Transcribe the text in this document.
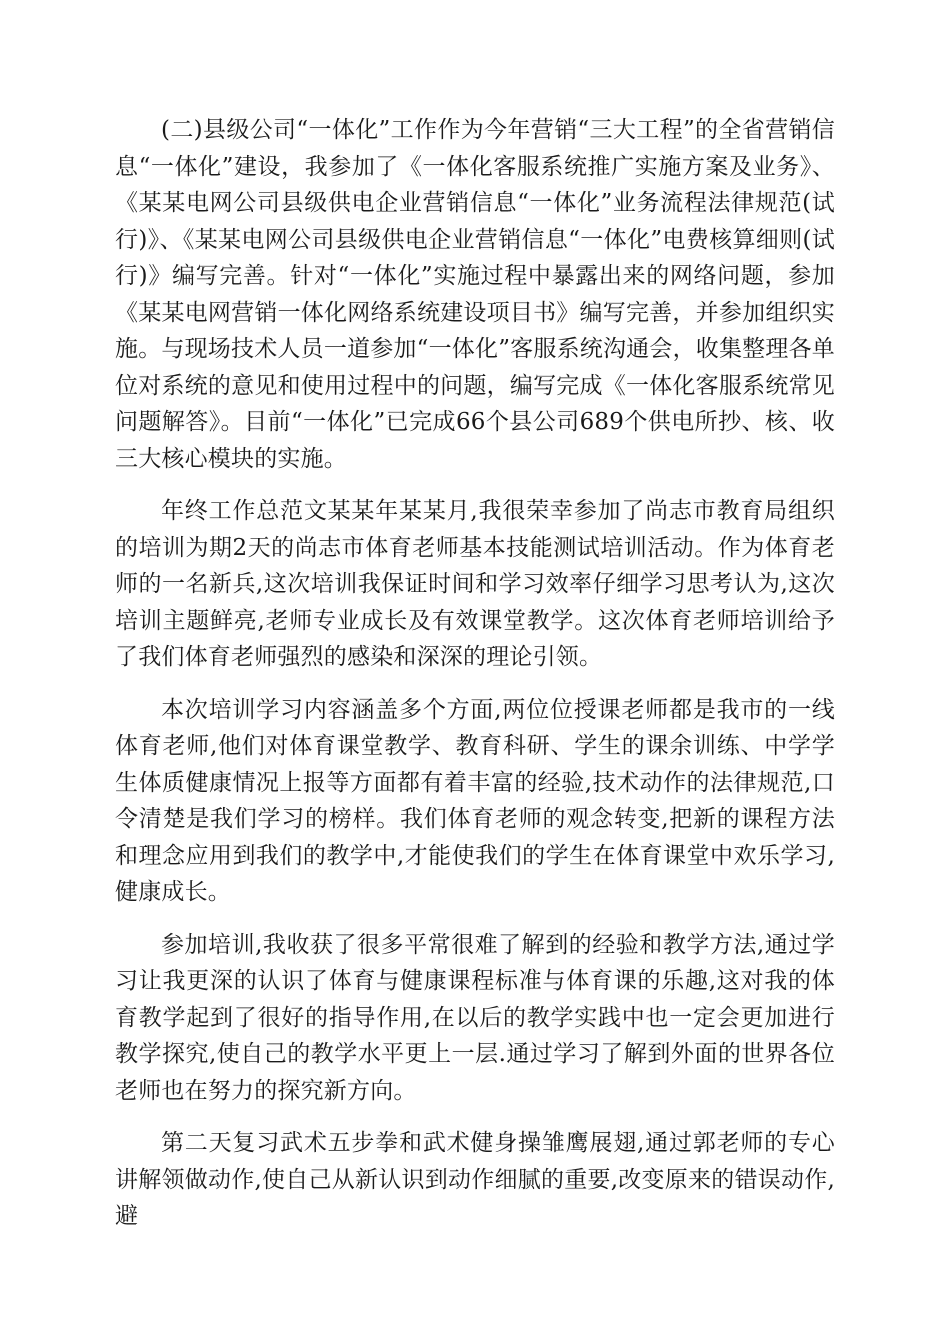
(二)县级公司“一体化”工作作为今年营销“三大工程”的全省营销信息“一体化”建设，我参加了《一体化客服系统推广实施方案及业务》、《某某电网公司县级供电企业营销信息“一体化”业务流程法律规范(试行)》、《某某电网公司县级供电企业营销信息“一体化”电费核算细则(试行)》编写完善。针对“一体化”实施过程中暴露出来的网络问题，参加《某某电网营销一体化网络系统建设项目书》编写完善，并参加组织实施。与现场技术人员一道参加“一体化”客服系统沟通会，收集整理各单位对系统的意见和使用过程中的问题，编写完成《一体化客服系统常见问题解答》。目前“一体化”已完成66个县公司689个供电所抄、核、收三大核心模块的实施。

年终工作总范文某某年某某月,我很荣幸参加了尚志市教育局组织的培训为期2天的尚志市体育老师基本技能测试培训活动。作为体育老师的一名新兵,这次培训我保证时间和学习效率仔细学习思考认为,这次培训主题鲜亮,老师专业成长及有效课堂教学。这次体育老师培训给予了我们体育老师强烈的感染和深深的理论引领。

本次培训学习内容涵盖多个方面,两位位授课老师都是我市的一线体育老师,他们对体育课堂教学、教育科研、学生的课余训练、中学学生体质健康情况上报等方面都有着丰富的经验,技术动作的法律规范,口令清楚是我们学习的榜样。我们体育老师的观念转变,把新的课程方法和理念应用到我们的教学中,才能使我们的学生在体育课堂中欢乐学习,健康成长。

参加培训,我收获了很多平常很难了解到的经验和教学方法,通过学习让我更深的认识了体育与健康课程标准与体育课的乐趣,这对我的体育教学起到了很好的指导作用,在以后的教学实践中也一定会更加进行教学探究,使自己的教学水平更上一层.通过学习了解到外面的世界各位老师也在努力的探究新方向。

第二天复习武术五步拳和武术健身操雏鹰展翅,通过郭老师的专心讲解领做动作,使自己从新认识到动作细腻的重要,改变原来的错误动作,避
